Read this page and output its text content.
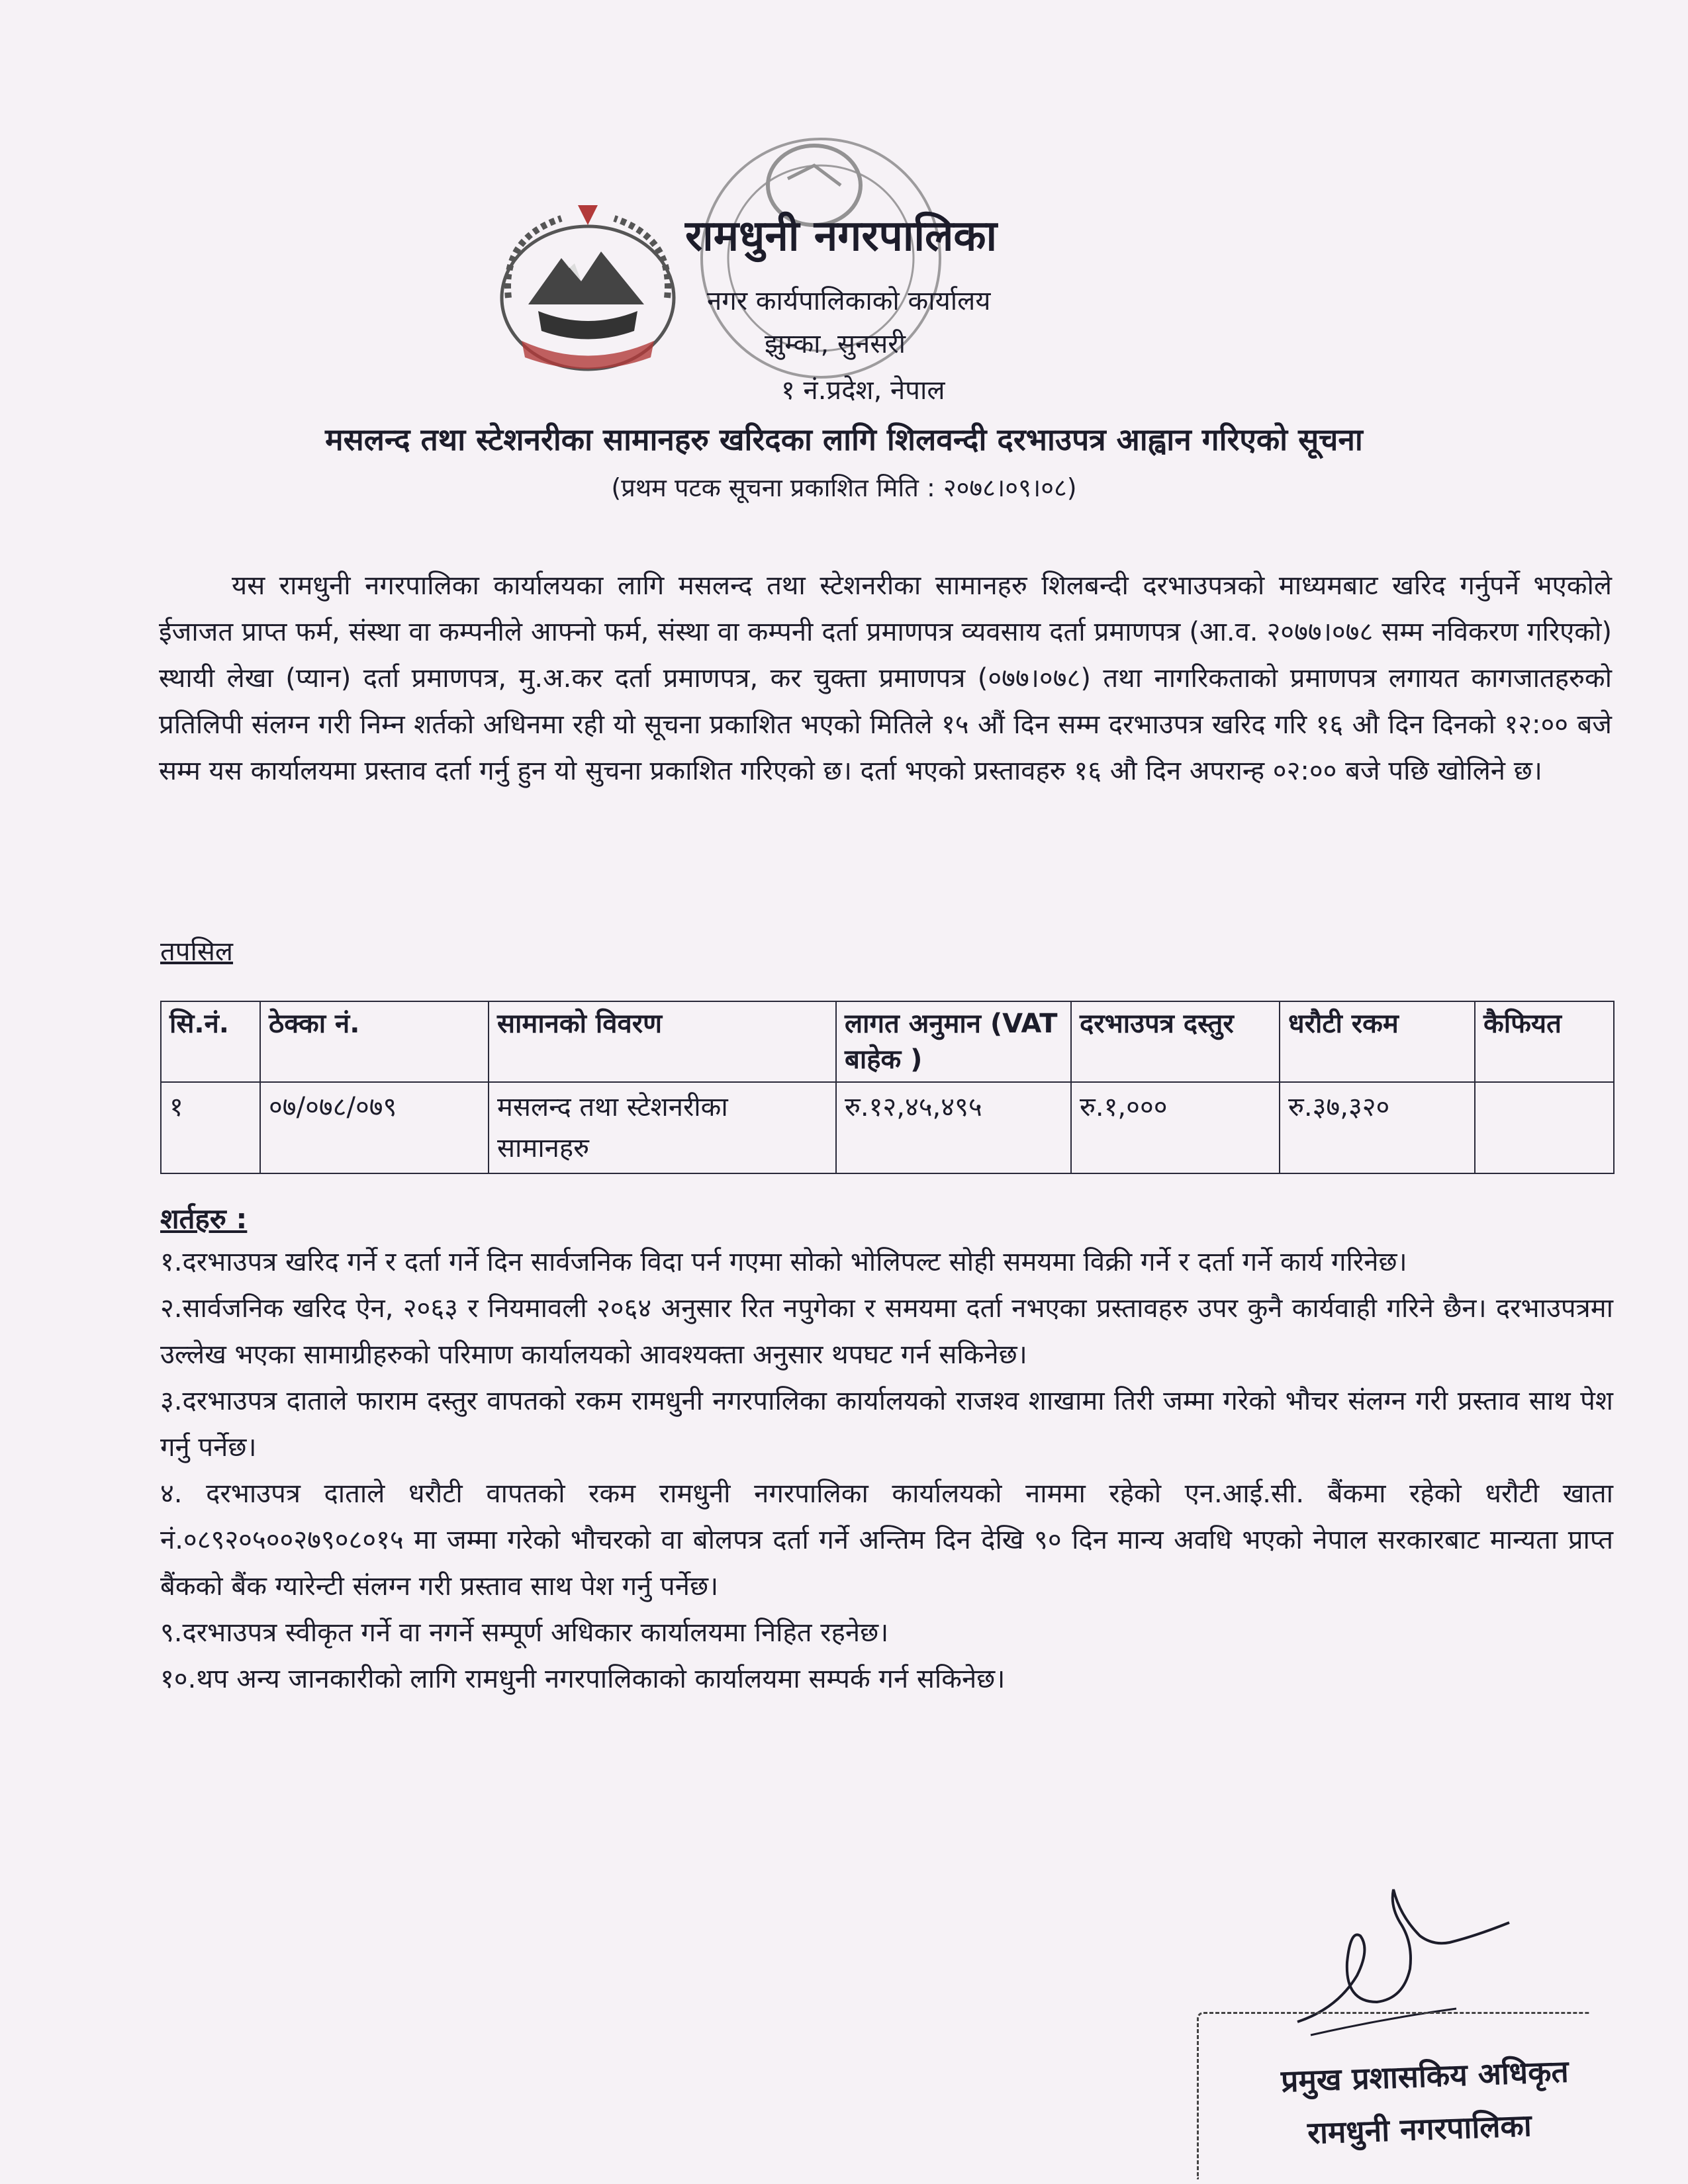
रामधुनी नगरपालिका
नगर कार्यपालिकाको कार्यालय
झुम्का, सुनसरी
१ नं.प्रदेश, नेपाल
मसलन्द तथा स्टेशनरीका सामानहरु खरिदका लागि शिलवन्दी दरभाउपत्र आह्वान गरिएको सूचना
(प्रथम पटक सूचना प्रकाशित मिति : २०७८।०९।०८)

यस रामधुनी नगरपालिका कार्यालयका लागि मसलन्द तथा स्टेशनरीका सामानहरु शिलबन्दी दरभाउपत्रको माध्यमबाट खरिद गर्नुपर्ने भएकोले ईजाजत प्राप्त फर्म, संस्था वा कम्पनीले आफ्नो फर्म, संस्था वा कम्पनी दर्ता प्रमाणपत्र व्यवसाय दर्ता प्रमाणपत्र (आ.व. २०७७।०७८ सम्म नविकरण गरिएको) स्थायी लेखा (प्यान) दर्ता प्रमाणपत्र, मु.अ.कर दर्ता प्रमाणपत्र, कर चुक्ता प्रमाणपत्र (०७७।०७८) तथा नागरिकताको प्रमाणपत्र लगायत कागजातहरुको प्रतिलिपी संलग्न गरी निम्न शर्तको अधिनमा रही यो सूचना प्रकाशित भएको मितिले १५ औं दिन सम्म दरभाउपत्र खरिद गरि १६ औ दिन दिनको १२:०० बजे सम्म यस कार्यालयमा प्रस्ताव दर्ता गर्नु हुन यो सुचना प्रकाशित गरिएको छ। दर्ता भएको प्रस्तावहरु १६ औ दिन अपरान्ह ०२:०० बजे पछि खोलिने छ।

तपसिल
सि.नं.	ठेक्का नं.	सामानको विवरण	लागत अनुमान (VAT बाहेक )	दरभाउपत्र दस्तुर	धरौटी रकम	कैफियत
१	०७/०७८/०७९	मसलन्द तथा स्टेशनरीका सामानहरु	रु.१२,४५,४९५	रु.१,०००	रु.३७,३२०	
शर्तहरु :

१.दरभाउपत्र खरिद गर्ने र दर्ता गर्ने दिन सार्वजनिक विदा पर्न गएमा सोको भोलिपल्ट सोही समयमा विक्री गर्ने र दर्ता गर्ने कार्य गरिनेछ।

२.सार्वजनिक खरिद ऐन, २०६३ र नियमावली २०६४ अनुसार रित नपुगेका र समयमा दर्ता नभएका प्रस्तावहरु उपर कुनै कार्यवाही गरिने छैन। दरभाउपत्रमा उल्लेख भएका सामाग्रीहरुको परिमाण कार्यालयको आवश्यक्ता अनुसार थपघट गर्न सकिनेछ।

३.दरभाउपत्र दाताले फाराम दस्तुर वापतको रकम रामधुनी नगरपालिका कार्यालयको राजश्व शाखामा तिरी जम्मा गरेको भौचर संलग्न गरी प्रस्ताव साथ पेश गर्नु पर्नेछ।

४. दरभाउपत्र दाताले धरौटी वापतको रकम रामधुनी नगरपालिका कार्यालयको नाममा रहेको एन.आई.सी. बैंकमा रहेको धरौटी खाता नं.०८९२०५००२७९०८०१५ मा जम्मा गरेको भौचरको वा बोलपत्र दर्ता गर्ने अन्तिम दिन देखि ९० दिन मान्य अवधि भएको नेपाल सरकारबाट मान्यता प्राप्त बैंकको बैंक ग्यारेन्टी संलग्न गरी प्रस्ताव साथ पेश गर्नु पर्नेछ।

९.दरभाउपत्र स्वीकृत गर्ने वा नगर्ने सम्पूर्ण अधिकार कार्यालयमा निहित रहनेछ।

१०.थप अन्य जानकारीको लागि रामधुनी नगरपालिकाको कार्यालयमा सम्पर्क गर्न सकिनेछ।

प्रमुख प्रशासकिय अधिकृत
रामधुनी नगरपालिका
